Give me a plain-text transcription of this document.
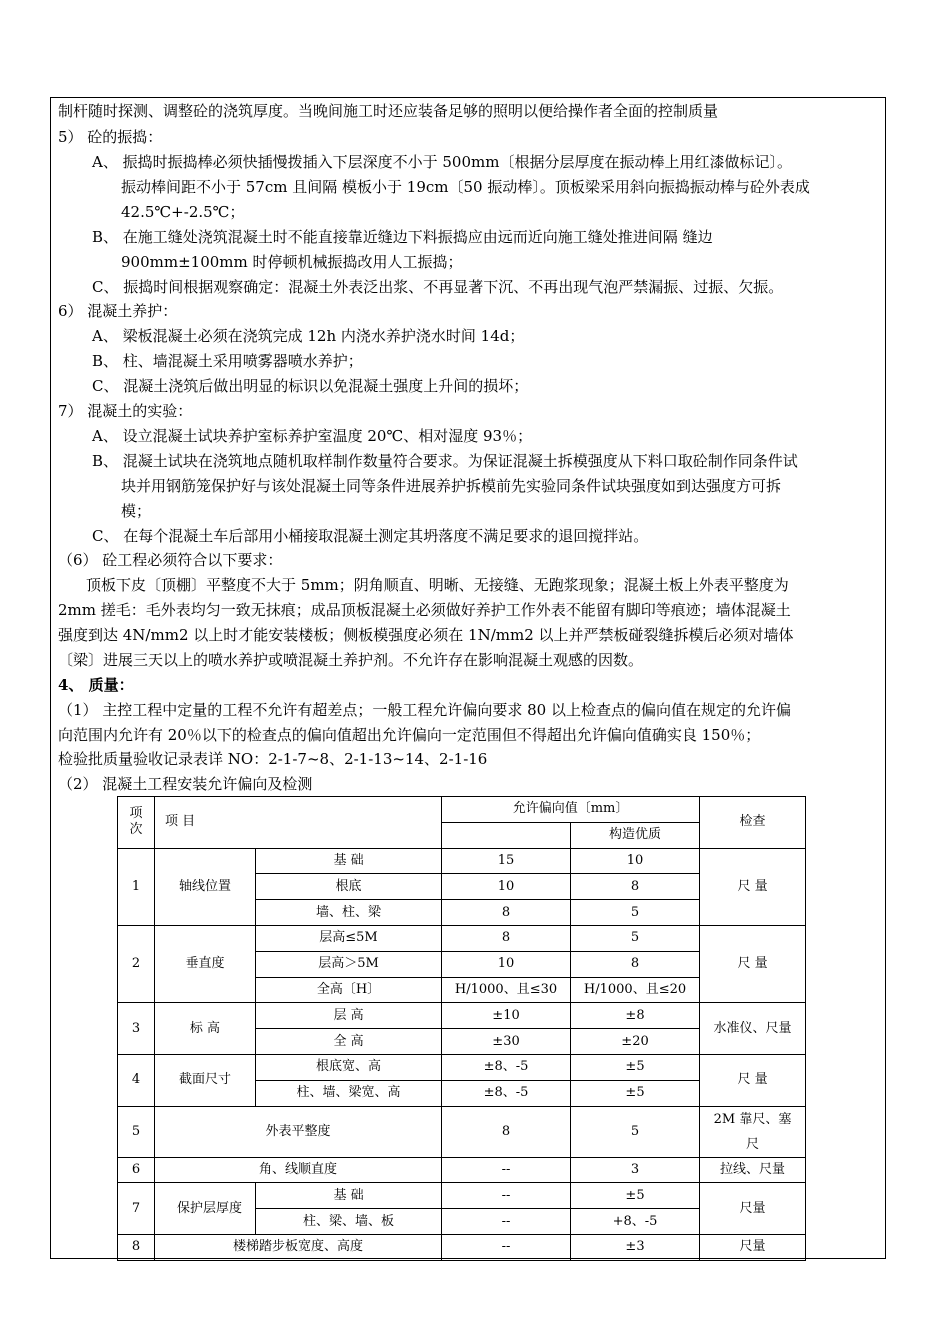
制杆随时探测、调整砼的浇筑厚度。当晚间施工时还应装备足够的照明以便给操作者全面的控制质量
5） 砼的振捣：
A、 振捣时振捣棒必须快插慢拨插入下层深度不小于 500mm〔根据分层厚度在振动棒上用红漆做标记〕。
振动棒间距不小于 57cm 且间隔 模板小于 19cm〔50 振动棒〕。顶板梁采用斜向振捣振动棒与砼外表成
42.5℃+-2.5℃；
B、 在施工缝处浇筑混凝土时不能直接靠近缝边下料振捣应由远而近向施工缝处推进间隔 缝边
900mm±100mm 时停顿机械振捣改用人工振捣；
C、 振捣时间根据观察确定：混凝土外表泛出浆、不再显著下沉、不再出现气泡严禁漏振、过振、欠振。
6） 混凝土养护：
A、 梁板混凝土必须在浇筑完成 12h 内浇水养护浇水时间 14d；
B、 柱、墙混凝土采用喷雾器喷水养护；
C、 混凝土浇筑后做出明显的标识以免混凝土强度上升间的损坏；
7） 混凝土的实验：
A、 设立混凝土试块养护室标养护室温度 20℃、相对湿度 93％；
B、 混凝土试块在浇筑地点随机取样制作数量符合要求。为保证混凝土拆模强度从下料口取砼制作同条件试
块并用钢筋笼保护好与该处混凝土同等条件进展养护拆模前先实验同条件试块强度如到达强度方可拆
模；
C、 在每个混凝土车后部用小桶接取混凝土测定其坍落度不满足要求的退回搅拌站。
（6） 砼工程必须符合以下要求：
顶板下皮〔顶棚〕平整度不大于 5mm；阴角顺直、明晰、无接缝、无跑浆现象；混凝土板上外表平整度为
2mm 搓毛：毛外表均匀一致无抹痕；成品顶板混凝土必须做好养护工作外表不能留有脚印等痕迹；墙体混凝土
强度到达 4N/mm2 以上时才能安装楼板；侧板模强度必须在 1N/mm2 以上并严禁板碰裂缝拆模后必须对墙体
〔梁〕进展三天以上的喷水养护或喷混凝土养护剂。不允许存在影响混凝土观感的因数。
4、 质量：
（1） 主控工程中定量的工程不允许有超差点；一般工程允许偏向要求 80 以上检查点的偏向值在规定的允许偏
向范围内允许有 20％以下的检查点的偏向值超出允许偏向一定范围但不得超出允许偏向值确实良 150％；
检验批质量验收记录表详 NO：2-1-7~8、2-1-13~14、2-1-16
（2） 混凝土工程安装允许偏向及检测
项次	项 目		允许偏向值〔mm〕		检查
				构造优质	
1	轴线位置	基 础	15	10	尺 量
		根底	10	8	
		墙、柱、梁	8	5	
2	垂直度	层高≤5M	8	5	尺 量
		层高＞5M	10	8	
		全高〔H〕	H/1000、且≤30	H/1000、且≤20	
3	标 高	层 高	±10	±8	水准仪、尺量
		全 高	±30	±20	
4	截面尺寸	根底宽、高	±8、-5	±5	尺 量
		柱、墙、梁宽、高	±8、-5	±5	
5	外表平整度		8	5	2M 靠尺、塞尺
6	角、线顺直度		--	3	拉线、尺量
7	保护层厚度	基 础	--	±5	尺量
		柱、梁、墙、板	--	+8、-5	
8	楼梯踏步板宽度、高度		--	±3	尺量
